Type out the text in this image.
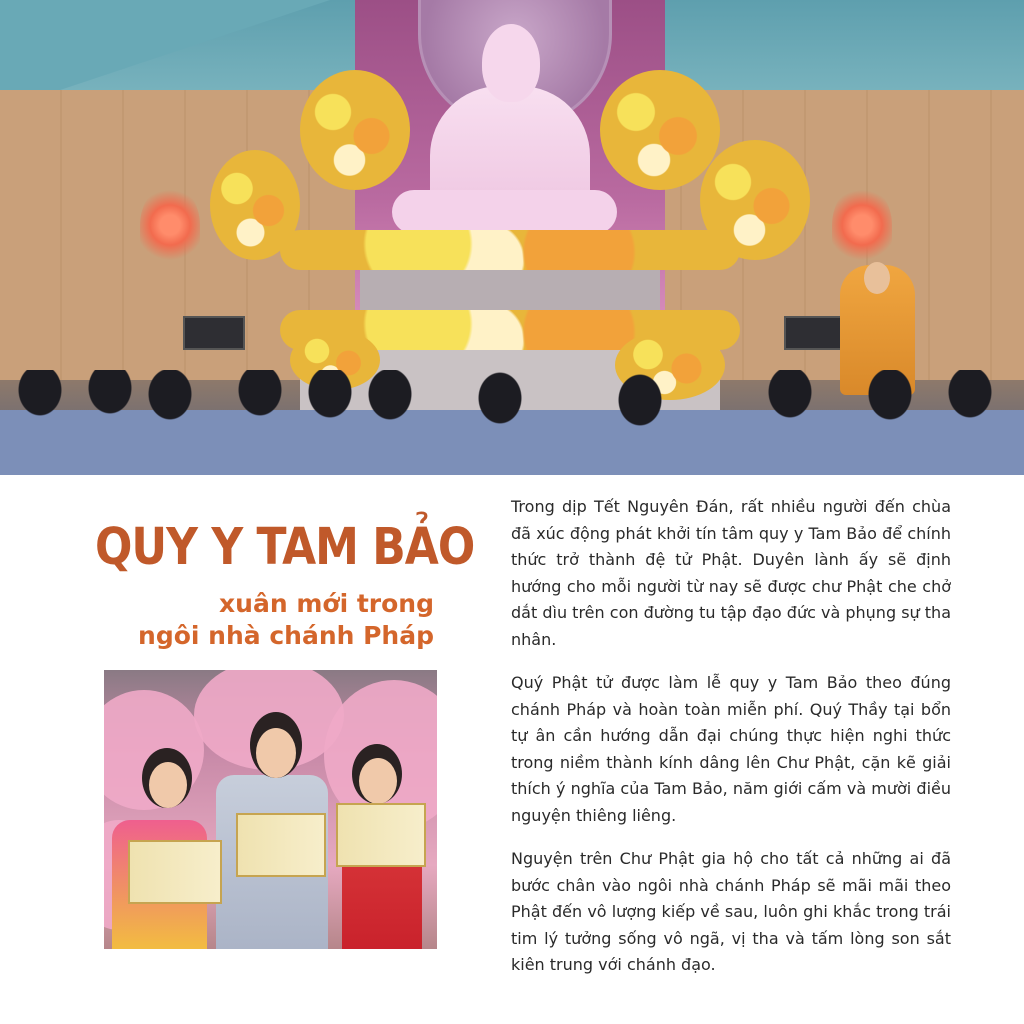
QUY Y TAM BẢO
xuân mới trong
ngôi nhà chánh Pháp

Trong dịp Tết Nguyên Đán, rất nhiều người đến chùa đã xúc động phát khởi tín tâm quy y Tam Bảo để chính thức trở thành đệ tử Phật. Duyên lành ấy sẽ định hướng cho mỗi người từ nay sẽ được chư Phật che chở dắt dìu trên con đường tu tập đạo đức và phụng sự tha nhân.

Quý Phật tử được làm lễ quy y Tam Bảo theo đúng chánh Pháp và hoàn toàn miễn phí. Quý Thầy tại bổn tự ân cần hướng dẫn đại chúng thực hiện nghi thức trong niềm thành kính dâng lên Chư Phật, cặn kẽ giải thích ý nghĩa của Tam Bảo, năm giới cấm và mười điều nguyện thiêng liêng.

Nguyện trên Chư Phật gia hộ cho tất cả những ai đã bước chân vào ngôi nhà chánh Pháp sẽ mãi mãi theo Phật đến vô lượng kiếp về sau, luôn ghi khắc trong trái tim lý tưởng sống vô ngã, vị tha và tấm lòng son sắt kiên trung với chánh đạo.
